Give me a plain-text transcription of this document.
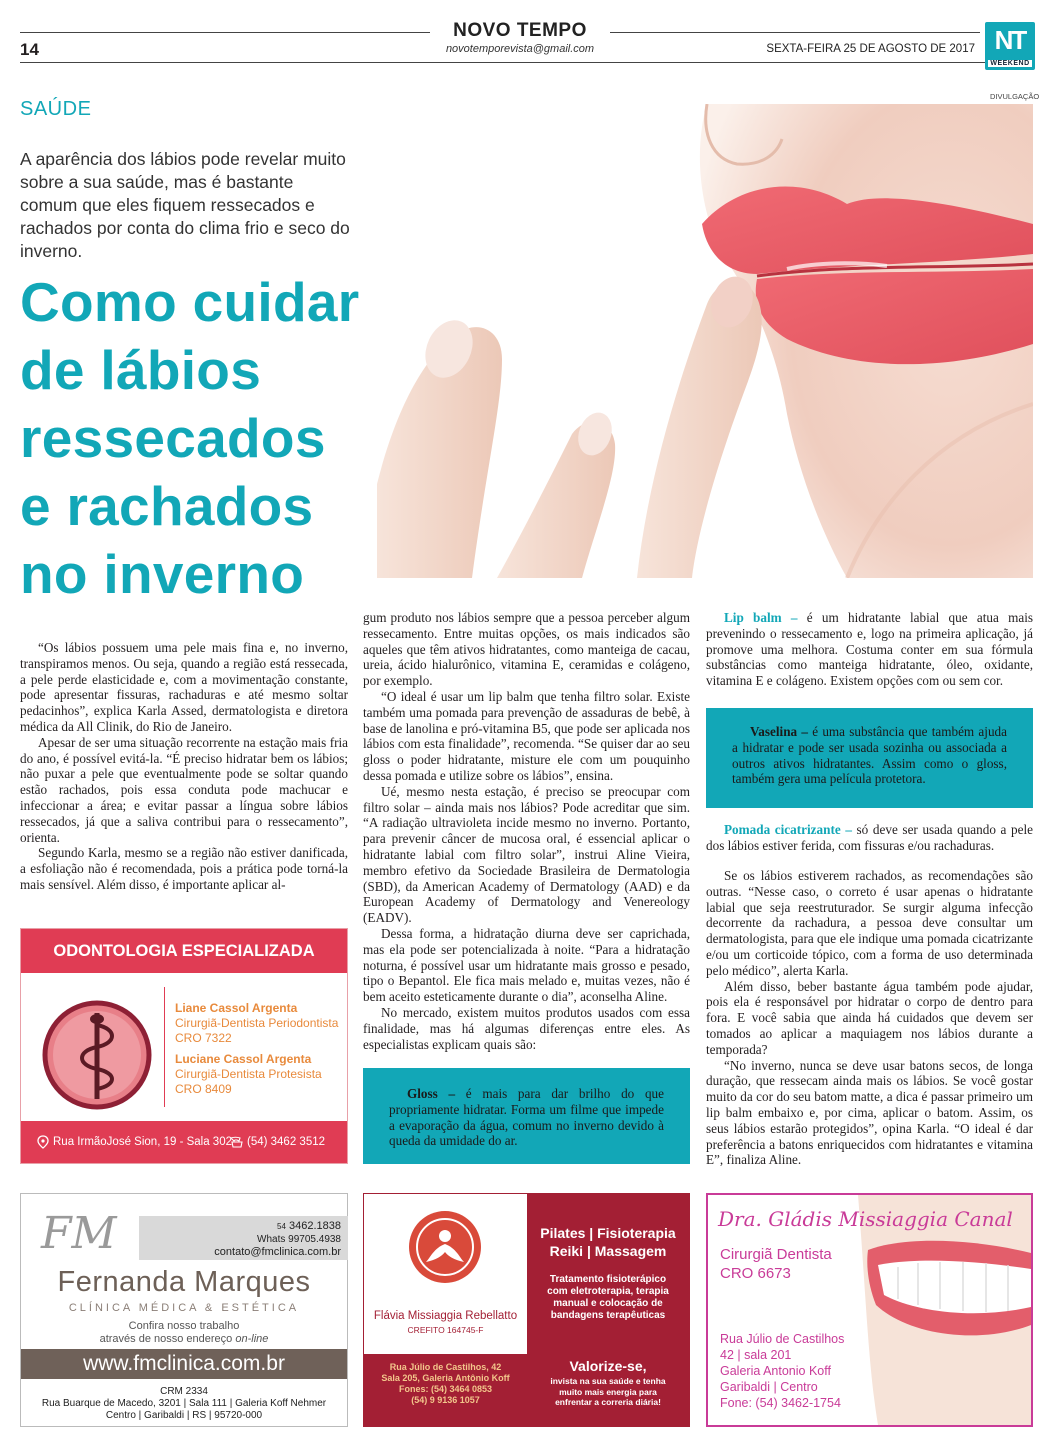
14
NOVO TEMPO
novotemporevista@gmail.com	SEXTA-FEIRA 25 DE AGOSTO DE 2017 NT
WEEKEND
SAÚDE
DIVULGAÇÃO
A aparência dos lábios pode revelar muito sobre a sua saúde, mas é bastante comum que eles fiquem ressecados e rachados por conta do clima frio e seco do inverno.
Como cuidar de lábios ressecados e rachados no inverno

“Os lábios possuem uma pele mais fina e, no inverno, transpiramos menos. Ou seja, quando a região está ressecada, a pele perde elasticidade e, com a movimentação constante, pode apresentar fissuras, rachaduras e até mesmo soltar pedacinhos”, explica Karla Assed, dermatologista e diretora médica da All Clinik, do Rio de Janeiro.

Apesar de ser uma situação recorrente na estação mais fria do ano, é possível evitá-la. “É preciso hidratar bem os lábios; não puxar a pele que eventualmente pode se soltar quando estão rachados, pois essa conduta pode machucar e infeccionar a área; e evitar passar a língua sobre lábios ressecados, já que a saliva contribui para o ressecamento”, orienta.

Segundo Karla, mesmo se a região não estiver danificada, a esfoliação não é recomendada, pois a prática pode torná-la mais sensível. Além disso, é importante aplicar al-

gum produto nos lábios sempre que a pessoa perceber algum ressecamento. Entre muitas opções, os mais indicados são aqueles que têm ativos hidratantes, como manteiga de cacau, ureia, ácido hialurônico, vitamina E, ceramidas e colágeno, por exemplo.

“O ideal é usar um lip balm que tenha filtro solar. Existe também uma pomada para prevenção de assaduras de bebê, à base de lanolina e pró-vitamina B5, que pode ser aplicada nos lábios com esta finalidade”, recomenda. “Se quiser dar ao seu gloss o poder hidratante, misture ele com um pouquinho dessa pomada e utilize sobre os lábios”, ensina.

Ué, mesmo nesta estação, é preciso se preocupar com filtro solar – ainda mais nos lábios? Pode acreditar que sim. “A radiação ultravioleta incide mesmo no inverno. Portanto, para prevenir câncer de mucosa oral, é essencial aplicar o hidratante labial com filtro solar”, instrui Aline Vieira, membro efetivo da Sociedade Brasileira de Dermatologia (SBD), da American Academy of Dermatology (AAD) e da European Academy of Dermatology and Venereology (EADV).

Dessa forma, a hidratação diurna deve ser caprichada, mas ela pode ser potencializada à noite. “Para a hidratação noturna, é possível usar um hidratante mais grosso e pesado, tipo o Bepantol. Ele fica mais melado e, muitas vezes, não é bem aceito esteticamente durante o dia”, aconselha Aline.

No mercado, existem muitos produtos usados com essa finalidade, mas há algumas diferenças entre eles. As especialistas explicam quais são:

Gloss – é mais para dar brilho do que propriamente hidratar. Forma um filme que impede a evaporação da água, comum no inverno devido à queda da umidade do ar.

Lip balm – é um hidratante labial que atua mais prevenindo o ressecamento e, logo na primeira aplicação, já promove uma melhora. Costuma conter em sua fórmula substâncias como manteiga hidratante, óleo, oxidante, vitamina E e colágeno. Existem opções com ou sem cor.

Vaselina – é uma substância que também ajuda a hidratar e pode ser usada sozinha ou associada a outros ativos hidratantes. Assim como o gloss, também gera uma película protetora.

Pomada cicatrizante – só deve ser usada quando a pele dos lábios estiver ferida, com fissuras e/ou rachaduras.

Se os lábios estiverem rachados, as recomendações são outras. “Nesse caso, o correto é usar apenas o hidratante labial que seja reestruturador. Se surgir alguma infecção decorrente da rachadura, a pessoa deve consultar um dermatologista, para que ele indique uma pomada cicatrizante e/ou um corticoide tópico, com a forma de uso determinada pelo médico”, alerta Karla.

Além disso, beber bastante água também pode ajudar, pois ela é responsável por hidratar o corpo de dentro para fora. E você sabia que ainda há cuidados que devem ser tomados ao aplicar a maquiagem nos lábios durante a temporada?

“No inverno, nunca se deve usar batons secos, de longa duração, que ressecam ainda mais os lábios. Se você gostar muito da cor do seu batom matte, a dica é passar primeiro um lip balm embaixo e, por cima, aplicar o batom. Assim, os seus lábios estarão protegidos”, opina Karla. “O ideal é dar preferência a batons enriquecidos com hidratantes e vitamina E”, finaliza Aline.

ODONTOLOGIA ESPECIALIZADA
Liane Cassol Argenta
Cirurgiã-Dentista Periodontista
CRO 7322
Luciane Cassol Argenta
Cirurgiã-Dentista Protesista
CRO 8409
Rua IrmãoJosé Sion, 19 - Sala 302 (54) 3462 3512
FM	54 3462.1838
Whats 99705.4938
contato@fmclinica.com.br
Fernanda Marques
CLÍNICA MÉDICA & ESTÉTICA
Confira nosso trabalho
através de nosso endereço on-line
www.fmclinica.com.br
CRM 2334
Rua Buarque de Macedo, 3201 | Sala 111 | Galeria Koff Nehmer
Centro | Garibaldi | RS | 95720-000
Flávia Missiaggia Rebellatto
CREFITO 164745-F
Pilates | Fisioterapia
Reiki | Massagem
Tratamento fisioterápico com eletroterapia, terapia manual e colocação de bandagens terapêuticas
Rua Júlio de Castilhos, 42
Sala 205, Galeria Antônio Koff
Fones: (54) 3464 0853
(54) 9 9136 1057
Valorize-se,
invista na sua saúde e tenha muito mais energia para enfrentar a correria diária!
Dra. Gládis Missiaggia Canal
Cirurgiã Dentista
CRO 6673
Rua Júlio de Castilhos
42 | sala 201
Galeria Antonio Koff
Garibaldi | Centro
Fone: (54) 3462-1754
